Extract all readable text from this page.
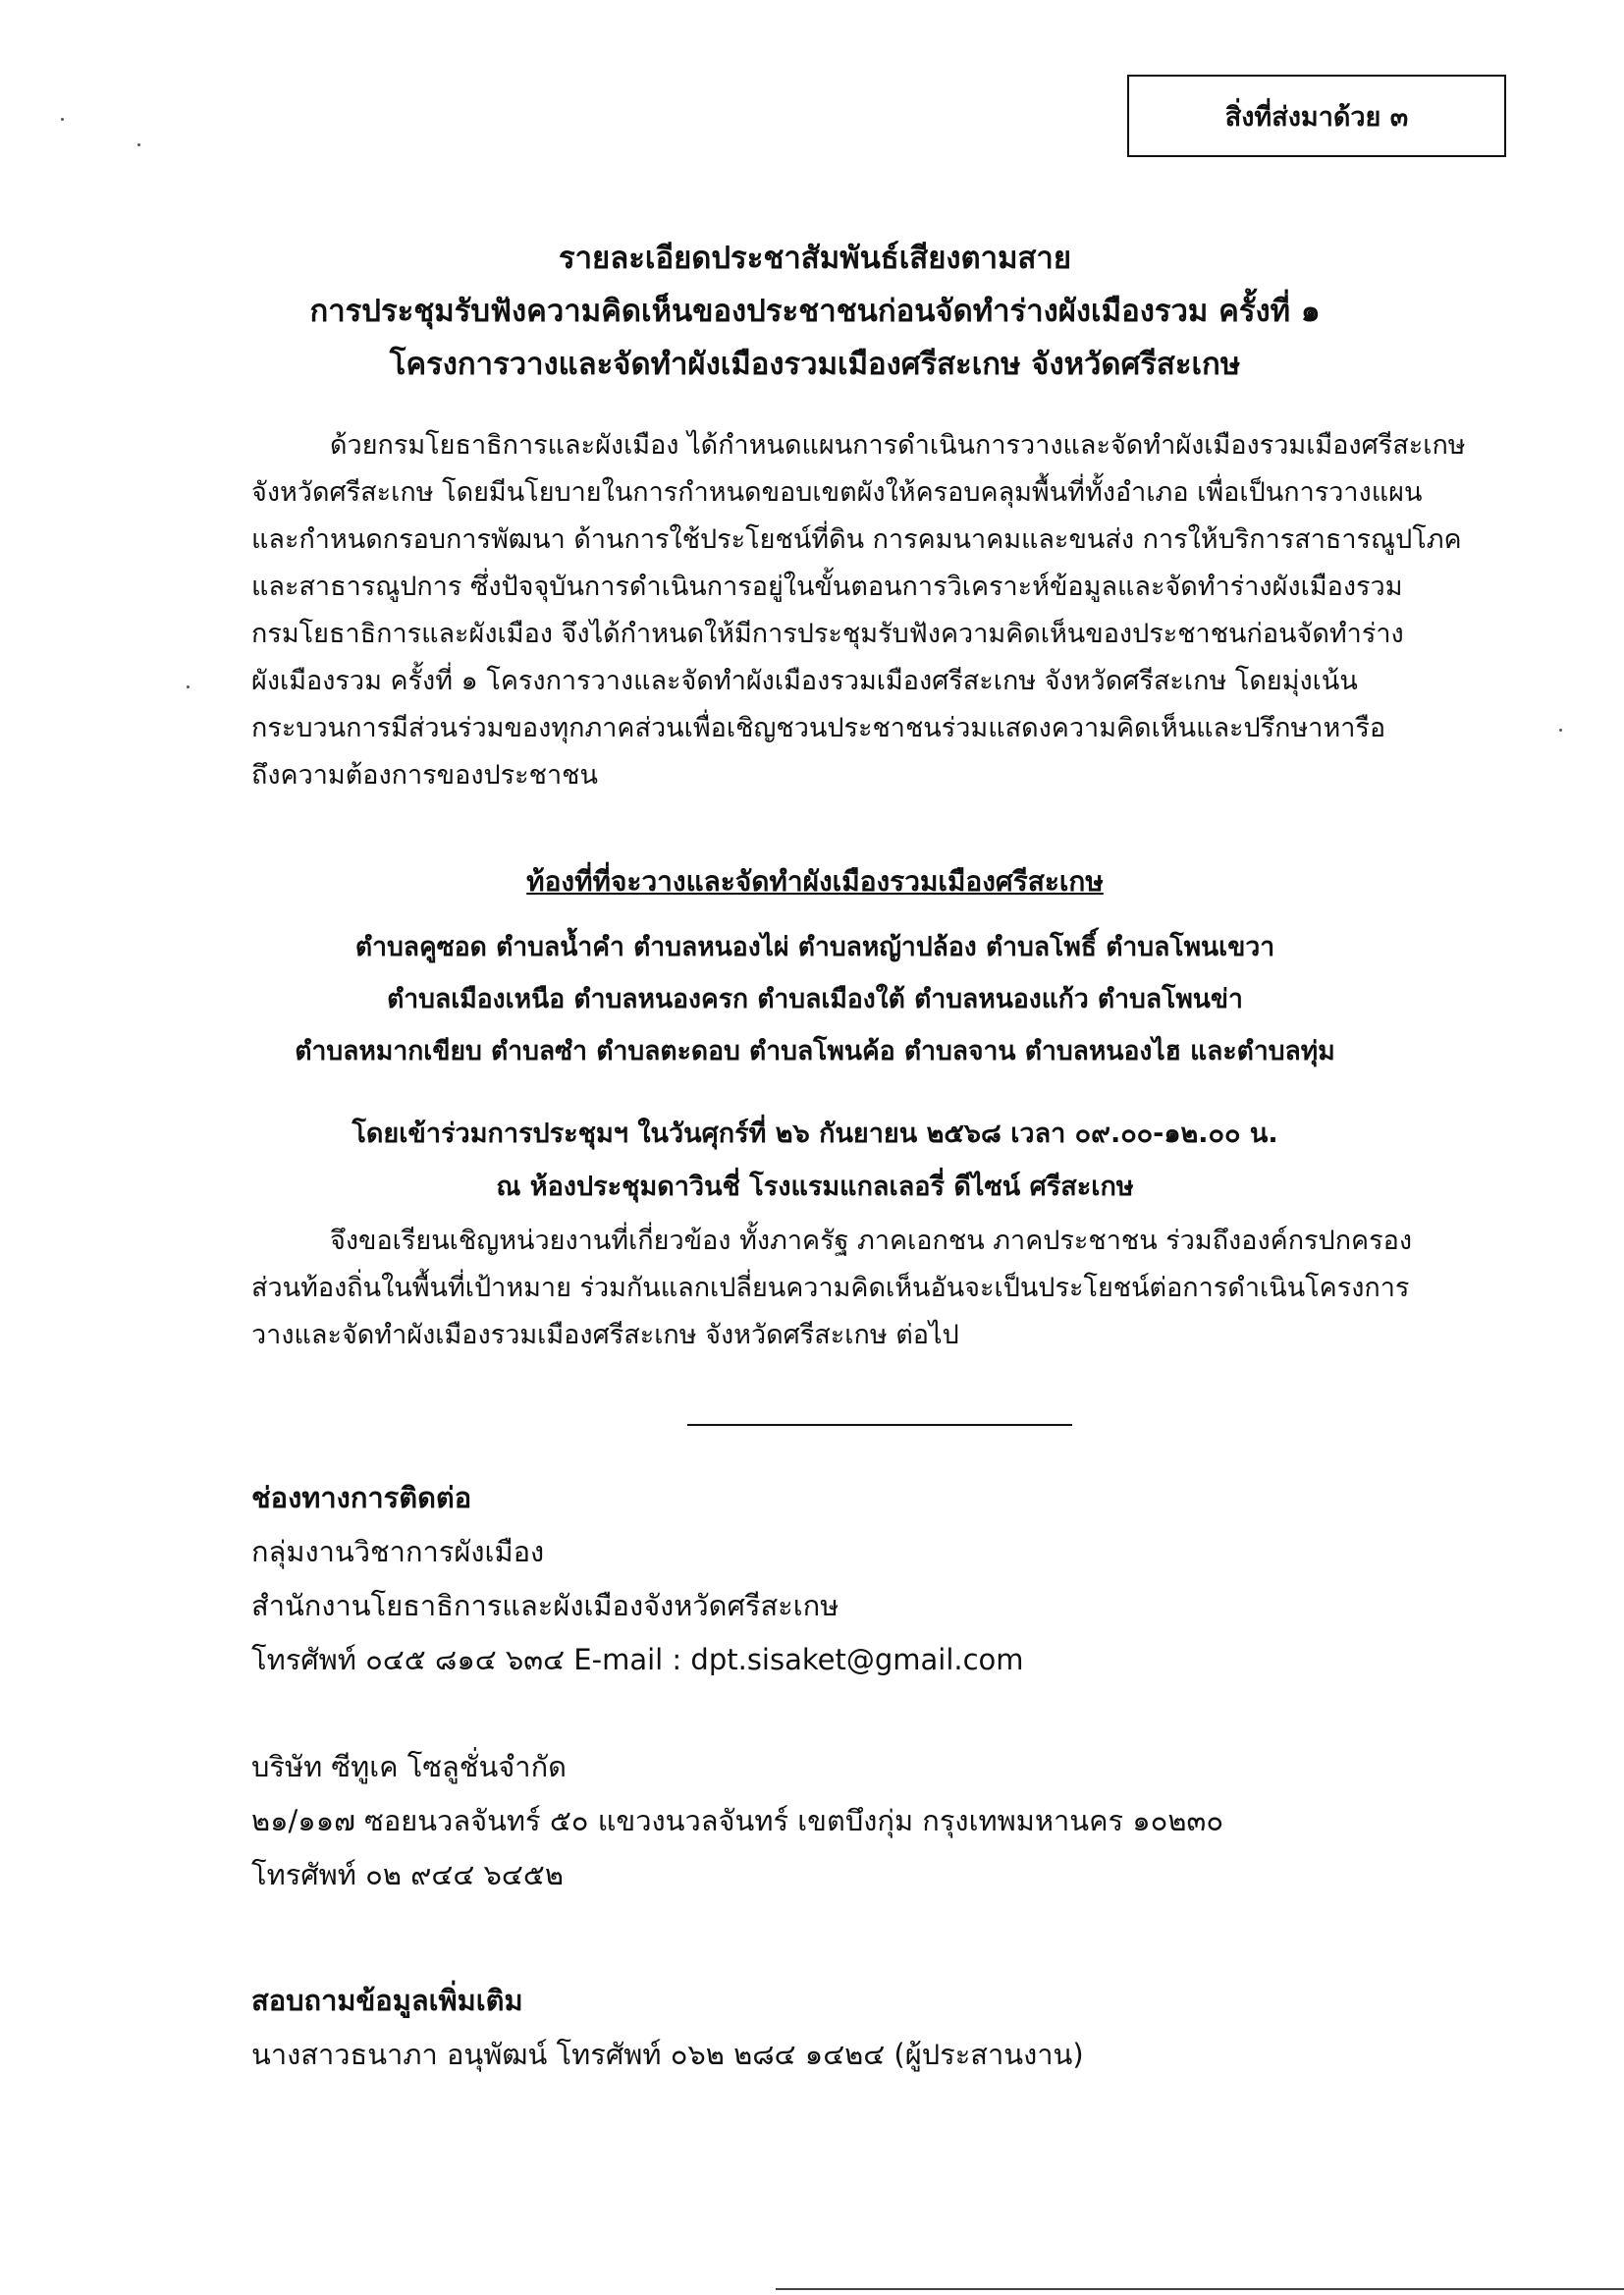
สิ่งที่ส่งมาด้วย ๓
รายละเอียดประชาสัมพันธ์เสียงตามสาย
การประชุมรับฟังความคิดเห็นของประชาชนก่อนจัดทำร่างผังเมืองรวม ครั้งที่ ๑
โครงการวางและจัดทำผังเมืองรวมเมืองศรีสะเกษ จังหวัดศรีสะเกษ
ด้วยกรมโยธาธิการและผังเมือง ได้กำหนดแผนการดำเนินการวางและจัดทำผังเมืองรวมเมืองศรีสะเกษ
จังหวัดศรีสะเกษ โดยมีนโยบายในการกำหนดขอบเขตผังให้ครอบคลุมพื้นที่ทั้งอำเภอ เพื่อเป็นการวางแผน
และกำหนดกรอบการพัฒนา ด้านการใช้ประโยชน์ที่ดิน การคมนาคมและขนส่ง การให้บริการสาธารณูปโภค
และสาธารณูปการ ซึ่งปัจจุบันการดำเนินการอยู่ในขั้นตอนการวิเคราะห์ข้อมูลและจัดทำร่างผังเมืองรวม
กรมโยธาธิการและผังเมือง จึงได้กำหนดให้มีการประชุมรับฟังความคิดเห็นของประชาชนก่อนจัดทำร่าง
ผังเมืองรวม ครั้งที่ ๑ โครงการวางและจัดทำผังเมืองรวมเมืองศรีสะเกษ จังหวัดศรีสะเกษ โดยมุ่งเน้น
กระบวนการมีส่วนร่วมของทุกภาคส่วนเพื่อเชิญชวนประชาชนร่วมแสดงความคิดเห็นและปรึกษาหารือ
ถึงความต้องการของประชาชน
ท้องที่ที่จะวางและจัดทำผังเมืองรวมเมืองศรีสะเกษ
ตำบลคูซอด ตำบลน้ำคำ ตำบลหนองไผ่ ตำบลหญ้าปล้อง ตำบลโพธิ์ ตำบลโพนเขวา
ตำบลเมืองเหนือ ตำบลหนองครก ตำบลเมืองใต้ ตำบลหนองแก้ว ตำบลโพนข่า
ตำบลหมากเขียบ ตำบลซำ ตำบลตะดอบ ตำบลโพนค้อ ตำบลจาน ตำบลหนองไฮ และตำบลทุ่ม
โดยเข้าร่วมการประชุมฯ ในวันศุกร์ที่ ๒๖ กันยายน ๒๕๖๘ เวลา ๐๙.๐๐-๑๒.๐๐ น.
ณ ห้องประชุมดาวินชี่ โรงแรมแกลเลอรี่ ดีไซน์ ศรีสะเกษ
จึงขอเรียนเชิญหน่วยงานที่เกี่ยวข้อง ทั้งภาครัฐ ภาคเอกชน ภาคประชาชน ร่วมถึงองค์กรปกครอง
ส่วนท้องถิ่นในพื้นที่เป้าหมาย ร่วมกันแลกเปลี่ยนความคิดเห็นอันจะเป็นประโยชน์ต่อการดำเนินโครงการ
วางและจัดทำผังเมืองรวมเมืองศรีสะเกษ จังหวัดศรีสะเกษ ต่อไป
ช่องทางการติดต่อ
กลุ่มงานวิชาการผังเมือง
สำนักงานโยธาธิการและผังเมืองจังหวัดศรีสะเกษ
โทรศัพท์ ๐๔๕ ๘๑๔ ๖๓๔ E-mail : dpt.sisaket@gmail.com
บริษัท ซีทูเค โซลูชั่นจำกัด
๒๑/๑๑๗ ซอยนวลจันทร์ ๕๐ แขวงนวลจันทร์ เขตบึงกุ่ม กรุงเทพมหานคร ๑๐๒๓๐
โทรศัพท์ ๐๒ ๙๔๔ ๖๔๕๒
สอบถามข้อมูลเพิ่มเติม
นางสาวธนาภา อนุพัฒน์ โทรศัพท์ ๐๖๒ ๒๘๔ ๑๔๒๔ (ผู้ประสานงาน)
